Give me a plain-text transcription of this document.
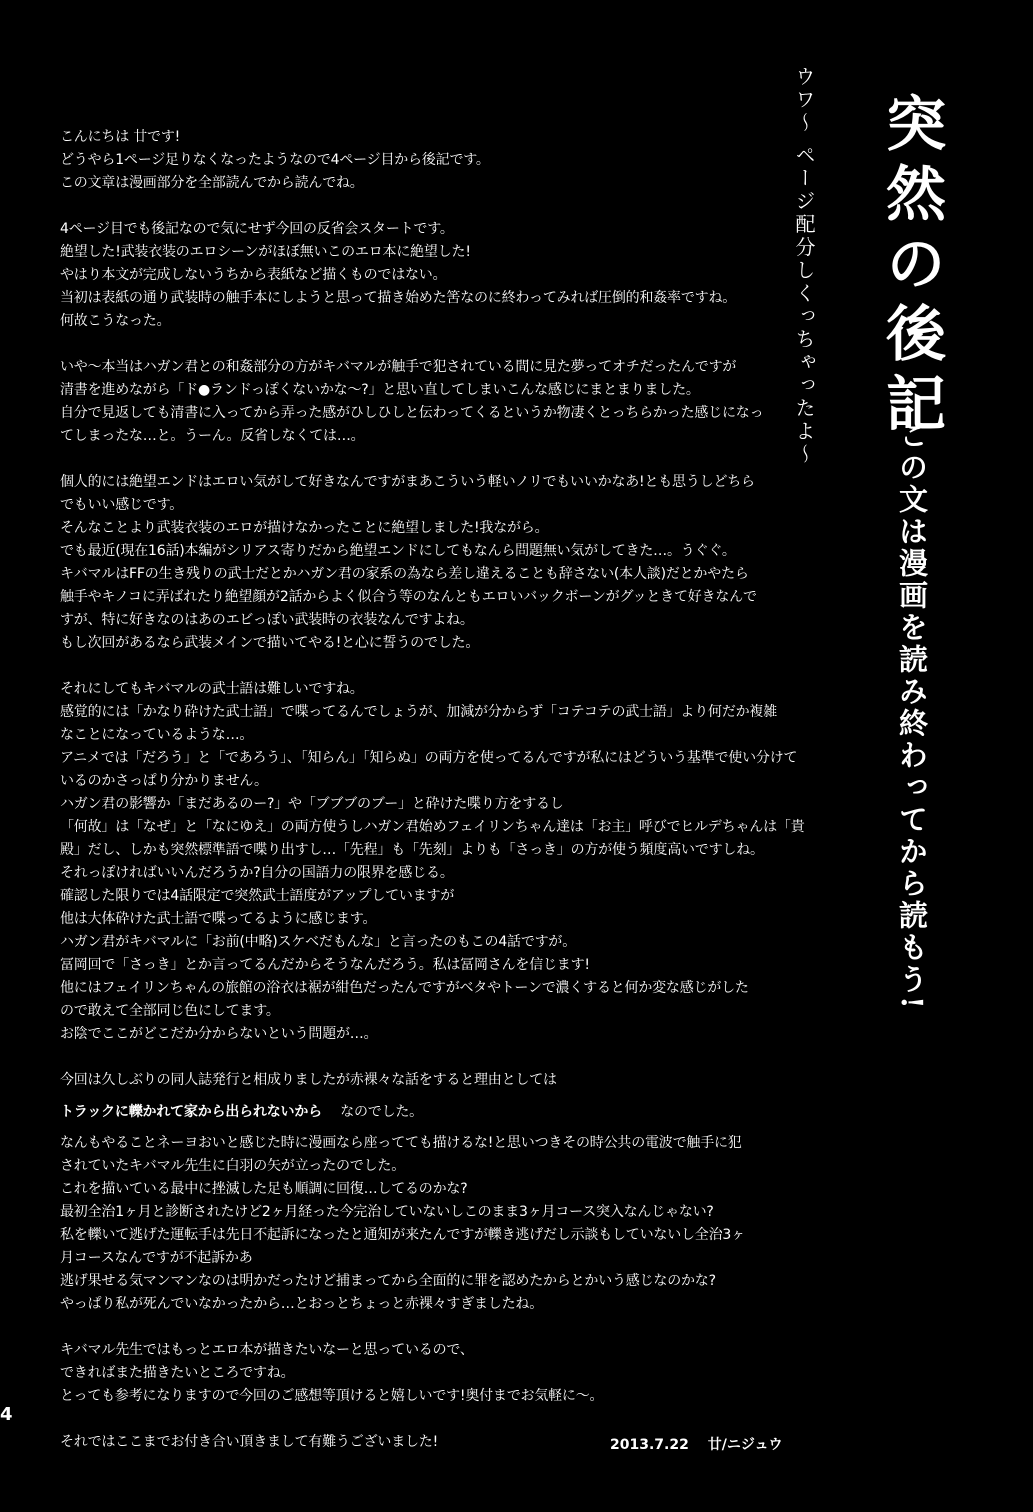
突然の後記
この文は漫画を読み終わってから読もう!
ウワ〜 ページ配分しくっちゃったよ〜
こんにちは 廿です!
どうやら1ページ足りなくなったようなので4ページ目から後記です。
この文章は漫画部分を全部読んでから読んでね。
4ページ目でも後記なので気にせず今回の反省会スタートです。
絶望した!武装衣装のエロシーンがほぼ無いこのエロ本に絶望した!
やはり本文が完成しないうちから表紙など描くものではない。
当初は表紙の通り武装時の触手本にしようと思って描き始めた筈なのに終わってみれば圧倒的和姦率ですね。
何故こうなった。
いや〜本当はハガン君との和姦部分の方がキバマルが触手で犯されている間に見た夢ってオチだったんですが
清書を進めながら「ド●ランドっぽくないかな〜?」と思い直してしまいこんな感じにまとまりました。
自分で見返しても清書に入ってから弄った感がひしひしと伝わってくるというか物凄くとっちらかった感じになっ
てしまったな…と。うーん。反省しなくては…。
個人的には絶望エンドはエロい気がして好きなんですがまあこういう軽いノリでもいいかなあ!とも思うしどちら
でもいい感じです。
そんなことより武装衣装のエロが描けなかったことに絶望しました!我ながら。
でも最近(現在16話)本編がシリアス寄りだから絶望エンドにしてもなんら問題無い気がしてきた…。うぐぐ。
キバマルはFFの生き残りの武士だとかハガン君の家系の為なら差し違えることも辞さない(本人談)だとかやたら
触手やキノコに弄ばれたり絶望顔が2話からよく似合う等のなんともエロいバックボーンがグッときて好きなんで
すが、特に好きなのはあのエビっぽい武装時の衣装なんですよね。
もし次回があるなら武装メインで描いてやる!と心に誓うのでした。
それにしてもキバマルの武士語は難しいですね。
感覚的には「かなり砕けた武士語」で喋ってるんでしょうが、加減が分からず「コテコテの武士語」より何だか複雑
なことになっているような…。
アニメでは「だろう」と「であろう」、「知らん」「知らぬ」の両方を使ってるんですが私にはどういう基準で使い分けて
いるのかさっぱり分かりません。
ハガン君の影響か「まだあるのー?」や「ブブブのブー」と砕けた喋り方をするし
「何故」は「なぜ」と「なにゆえ」の両方使うしハガン君始めフェイリンちゃん達は「お主」呼びでヒルデちゃんは「貴
殿」だし、しかも突然標準語で喋り出すし…「先程」も「先刻」よりも「さっき」の方が使う頻度高いですしね。
それっぽければいいんだろうか?自分の国語力の限界を感じる。
確認した限りでは4話限定で突然武士語度がアップしていますが
他は大体砕けた武士語で喋ってるように感じます。
ハガン君がキバマルに「お前(中略)スケベだもんな」と言ったのもこの4話ですが。
冨岡回で「さっき」とか言ってるんだからそうなんだろう。私は冨岡さんを信じます!
他にはフェイリンちゃんの旅館の浴衣は裾が紺色だったんですがベタやトーンで濃くすると何か変な感じがした
ので敢えて全部同じ色にしてます。
お陰でここがどこだか分からないという問題が…。
今回は久しぶりの同人誌発行と相成りましたが赤裸々な話をすると理由としては
トラックに轢かれて家から出られないから なのでした。
なんもやることネーヨおいと感じた時に漫画なら座ってても描けるな!と思いつきその時公共の電波で触手に犯
されていたキバマル先生に白羽の矢が立ったのでした。
これを描いている最中に挫滅した足も順調に回復…してるのかな?
最初全治1ヶ月と診断されたけど2ヶ月経った今完治していないしこのまま3ヶ月コース突入なんじゃない?
私を轢いて逃げた運転手は先日不起訴になったと通知が来たんですが轢き逃げだし示談もしていないし全治3ヶ
月コースなんですが不起訴かあ
逃げ果せる気マンマンなのは明かだったけど捕まってから全面的に罪を認めたからとかいう感じなのかな?
やっぱり私が死んでいなかったから…とおっとちょっと赤裸々すぎましたね。
キバマル先生ではもっとエロ本が描きたいなーと思っているので、
できればまた描きたいところですね。
とっても参考になりますので今回のご感想等頂けると嬉しいです!奥付までお気軽に〜。
それではここまでお付き合い頂きまして有難うございました!	2013.7.22 廿/ニジュウ
4
